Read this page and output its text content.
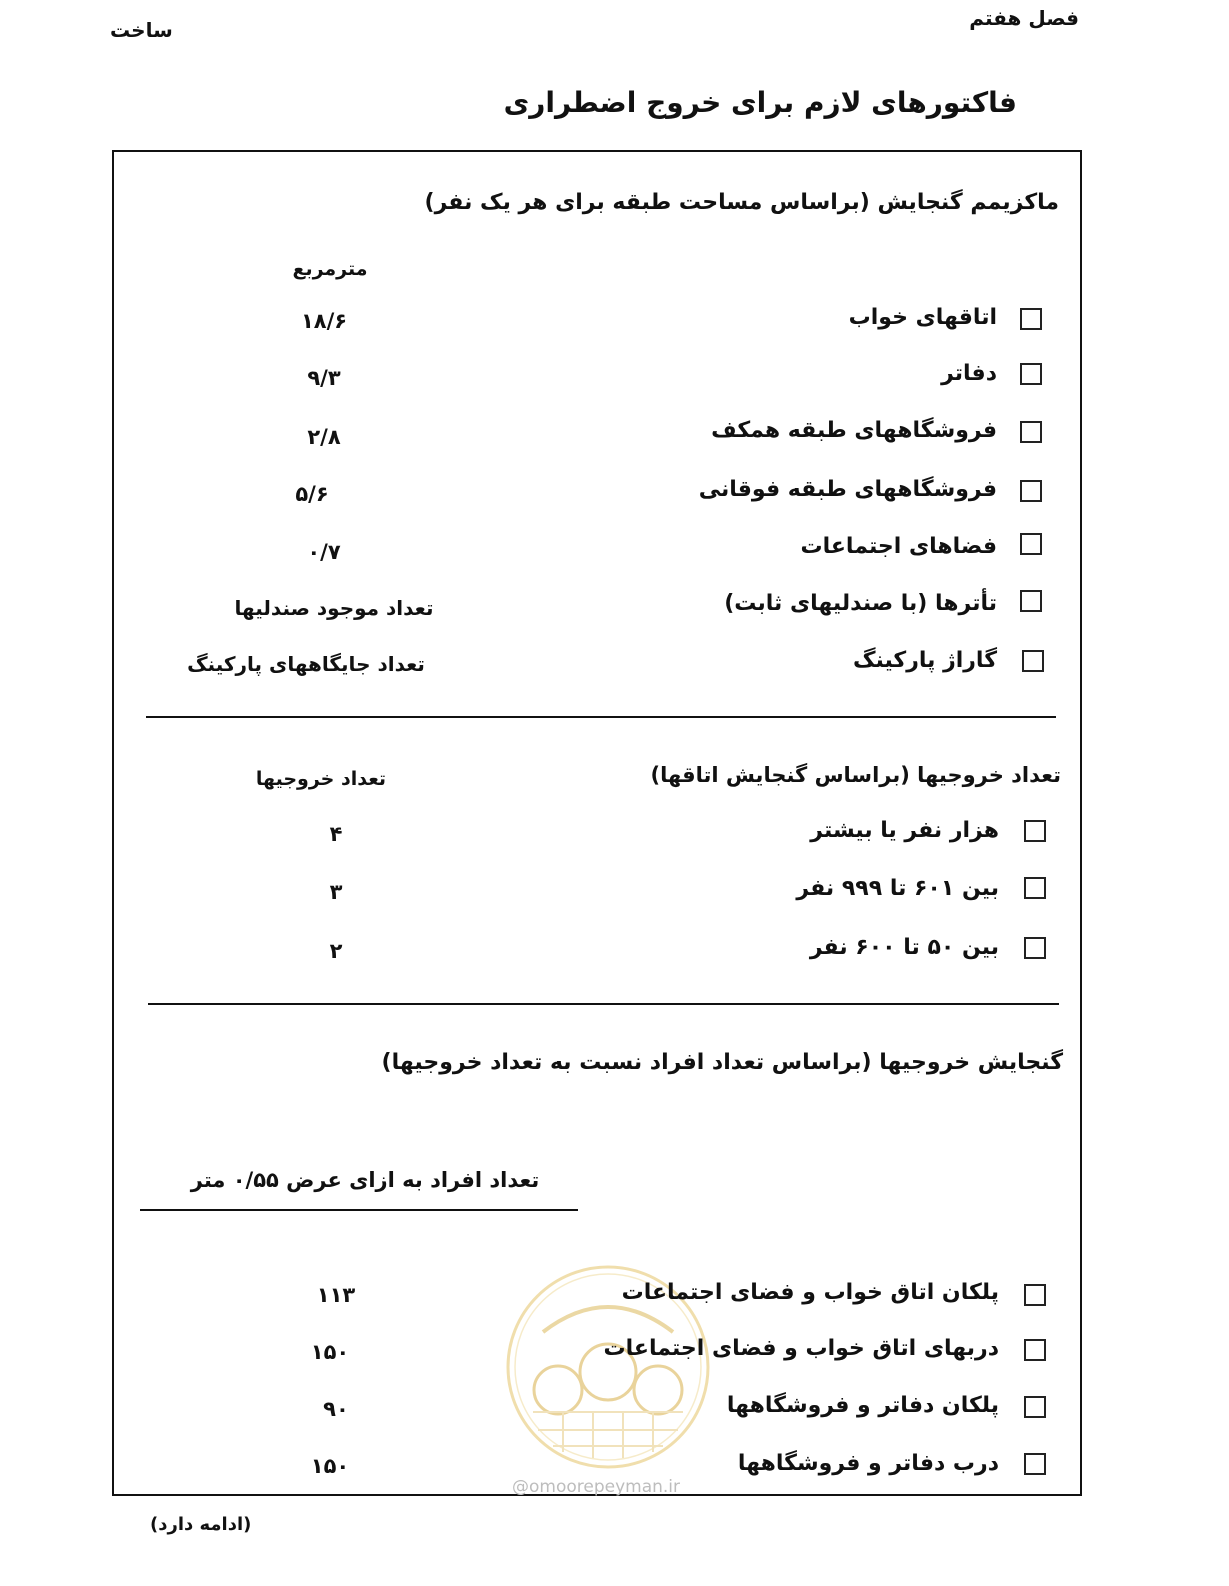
فصل هفتم
ساخت
فاکتورهای لازم برای خروج اضطراری
ماکزیمم گنجایش (براساس مساحت طبقه برای هر یک نفر)
مترمربع
اتاقهای خواب
۱۸/۶
دفاتر
۹/۳
فروشگاههای طبقه همکف
۲/۸
فروشگاههای طبقه فوقانی
۵/۶
فضاهای اجتماعات
۰/۷
تأترها (با صندلیهای ثابت)
تعداد موجود صندلیها
گاراژ پارکینگ
تعداد جایگاههای پارکینگ
تعداد خروجیها (براساس گنجایش اتاقها)
تعداد خروجیها
هزار نفر یا بیشتر
۴
بین ۶۰۱ تا ۹۹۹ نفر
۳
بین ۵۰ تا ۶۰۰ نفر
۲
گنجایش خروجیها (براساس تعداد افراد نسبت به تعداد خروجیها)
تعداد افراد به ازای عرض ۰/۵۵ متر
@omoorepeyman.ir
پلکان اتاق خواب و فضای اجتماعات
۱۱۳
دربهای اتاق خواب و فضای اجتماعات
۱۵۰
پلکان دفاتر و فروشگاهها
۹۰
درب دفاتر و فروشگاهها
۱۵۰
(ادامه دارد)
